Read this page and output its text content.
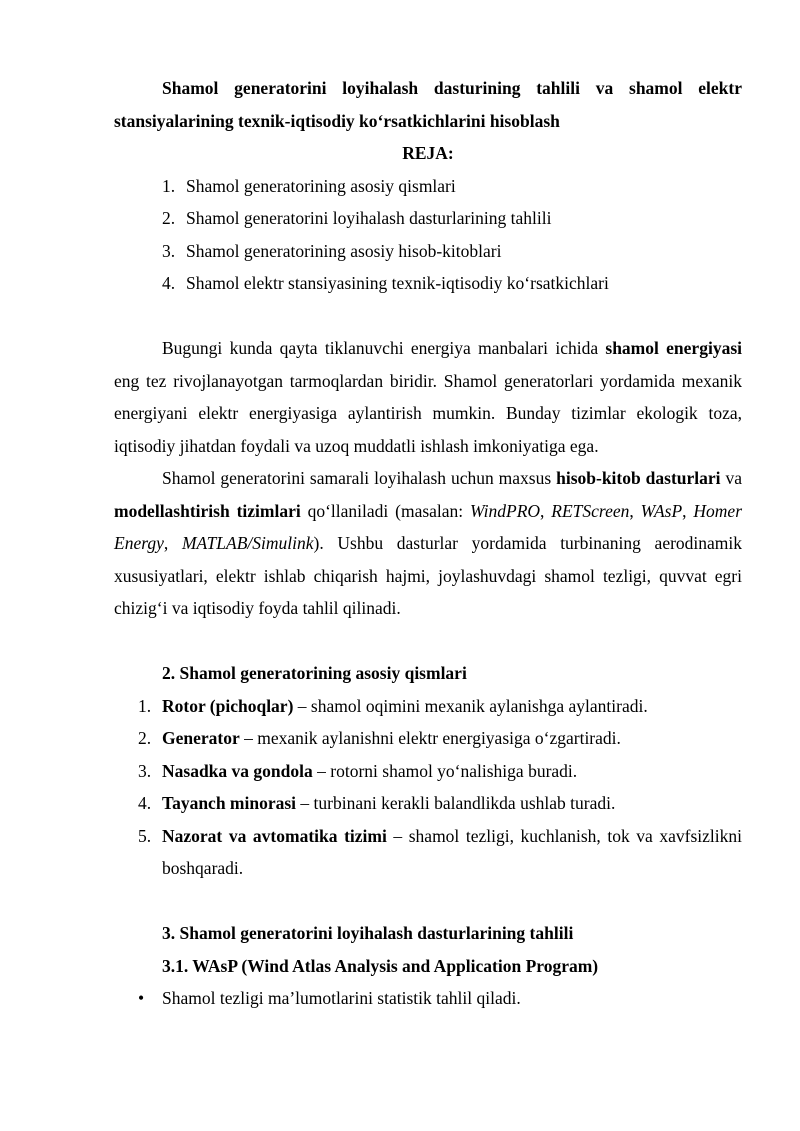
Shamol generatorini loyihalash dasturining tahlili va shamol elektr stansiyalarining texnik-iqtisodiy ko‘rsatkichlarini hisoblash

REJA:

1. Shamol generatorining asosiy qismlari
2. Shamol generatorini loyihalash dasturlarining tahlili
3. Shamol generatorining asosiy hisob-kitoblari
4. Shamol elektr stansiyasining texnik-iqtisodiy ko‘rsatkichlari

Bugungi kunda qayta tiklanuvchi energiya manbalari ichida shamol energiyasi eng tez rivojlanayotgan tarmoqlardan biridir. Shamol generatorlari yordamida mexanik energiyani elektr energiyasiga aylantirish mumkin. Bunday tizimlar ekologik toza, iqtisodiy jihatdan foydali va uzoq muddatli ishlash imkoniyatiga ega.

Shamol generatorini samarali loyihalash uchun maxsus hisob-kitob dasturlari va modellashtirish tizimlari qo‘llaniladi (masalan: WindPRO, RETScreen, WAsP, Homer Energy, MATLAB/Simulink). Ushbu dasturlar yordamida turbinaning aerodinamik xususiyatlari, elektr ishlab chiqarish hajmi, joylashuvdagi shamol tezligi, quvvat egri chizig‘i va iqtisodiy foyda tahlil qilinadi.

2. Shamol generatorining asosiy qismlari

1. Rotor (pichoqlar) – shamol oqimini mexanik aylanishga aylantiradi.
2. Generator – mexanik aylanishni elektr energiyasiga o‘zgartiradi.
3. Nasadka va gondola – rotorni shamol yo‘nalishiga buradi.
4. Tayanch minorasi – turbinani kerakli balandlikda ushlab turadi.
5. Nazorat va avtomatika tizimi – shamol tezligi, kuchlanish, tok va xavfsizlikni boshqaradi.

3. Shamol generatorini loyihalash dasturlarining tahlili

3.1. WAsP (Wind Atlas Analysis and Application Program)

• Shamol tezligi ma’lumotlarini statistik tahlil qiladi.
